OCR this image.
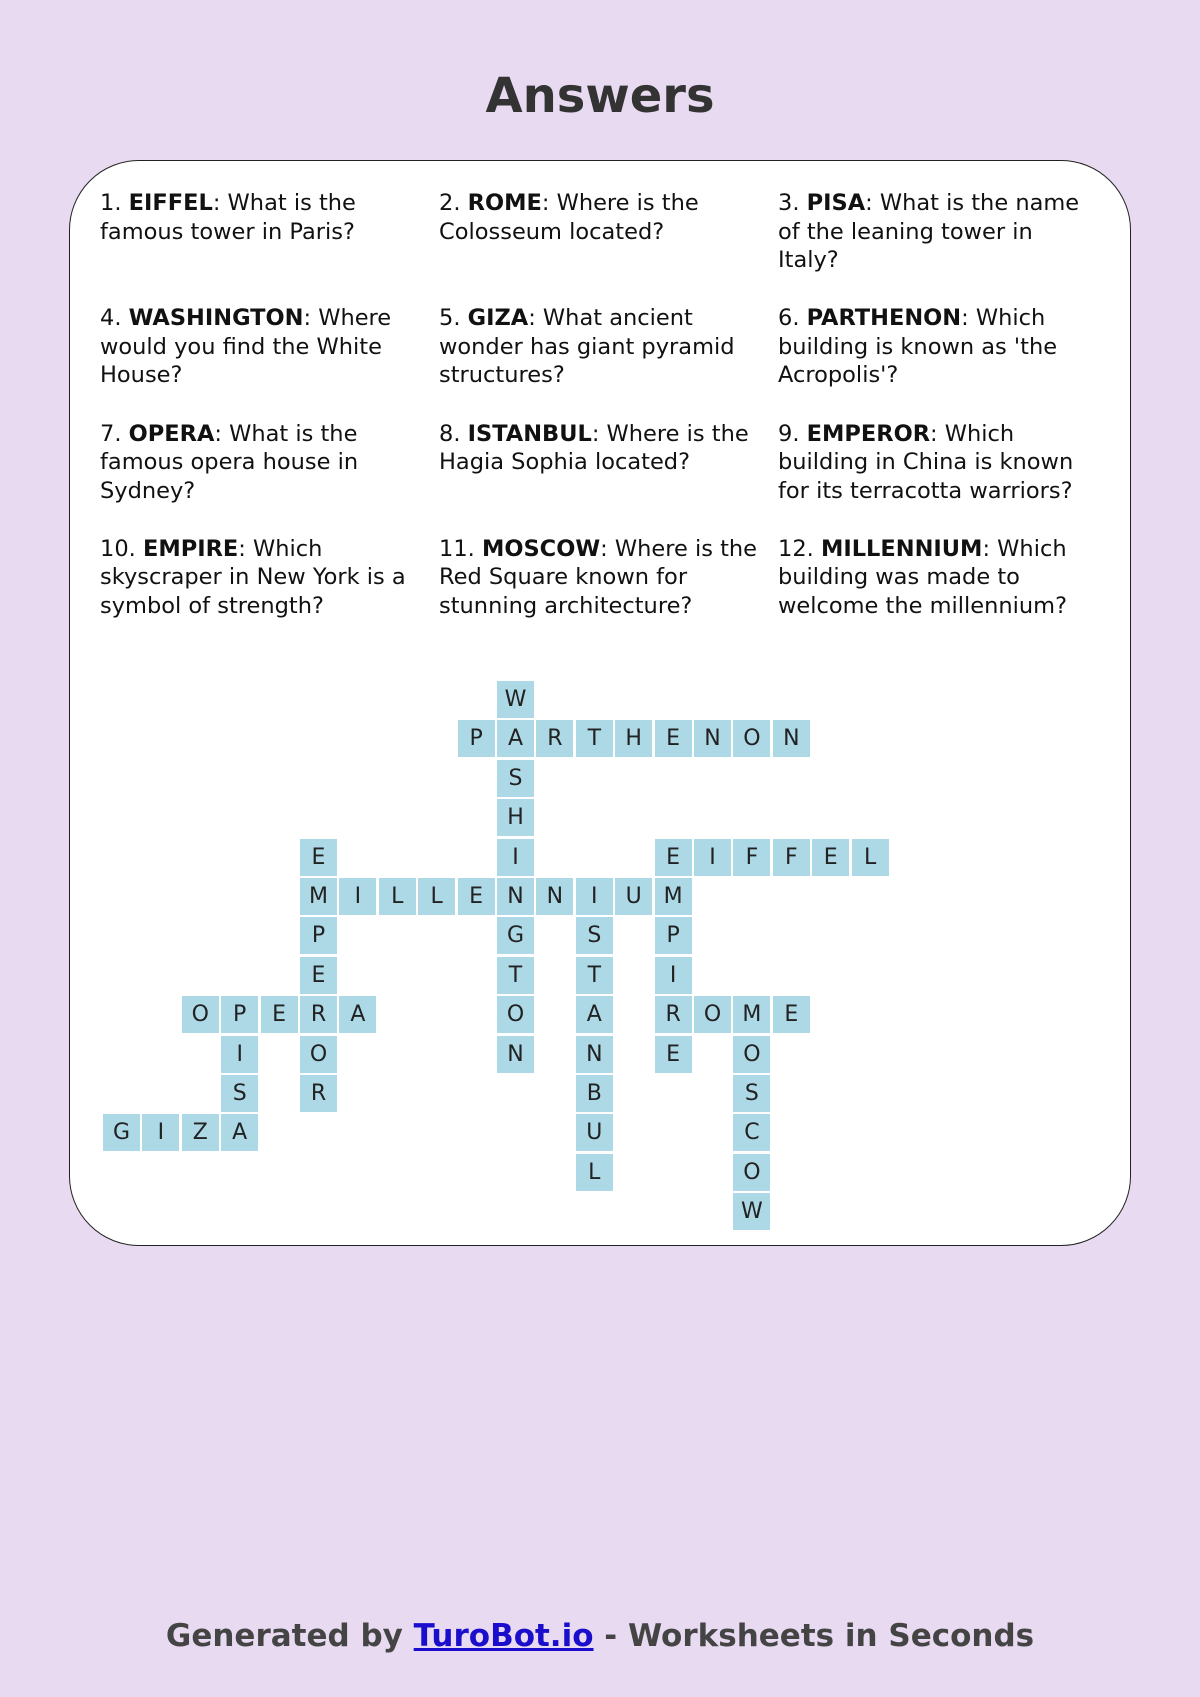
Answers
1. EIFFEL: What is the famous tower in Paris?
2. ROME: Where is the Colosseum located?
3. PISA: What is the name of the leaning tower in Italy?
4. WASHINGTON: Where would you find the White House?
5. GIZA: What ancient wonder has giant pyramid structures?
6. PARTHENON: Which building is known as 'the Acropolis'?
7. OPERA: What is the famous opera house in Sydney?
8. ISTANBUL: Where is the Hagia Sophia located?
9. EMPEROR: Which building in China is known for its terracotta warriors?
10. EMPIRE: Which skyscraper in New York is a symbol of strength?
11. MOSCOW: Where is the Red Square known for stunning architecture?
12. MILLENNIUM: Which building was made to welcome the millennium?
W
A
S
H
I
N
G
T
O
N
P	R	T	H	E	N	O	N
E	I	F	F	E	L
E
M
P
E
R
O
R
I	L	L	E	N	I	U M
P
I
R
E
S
T
A
N
B
U
L
O	P	E	A	O M	E
O
S
C
O
W
I
S
A
G	I	Z
Generated by TuroBot.io - Worksheets in Seconds
